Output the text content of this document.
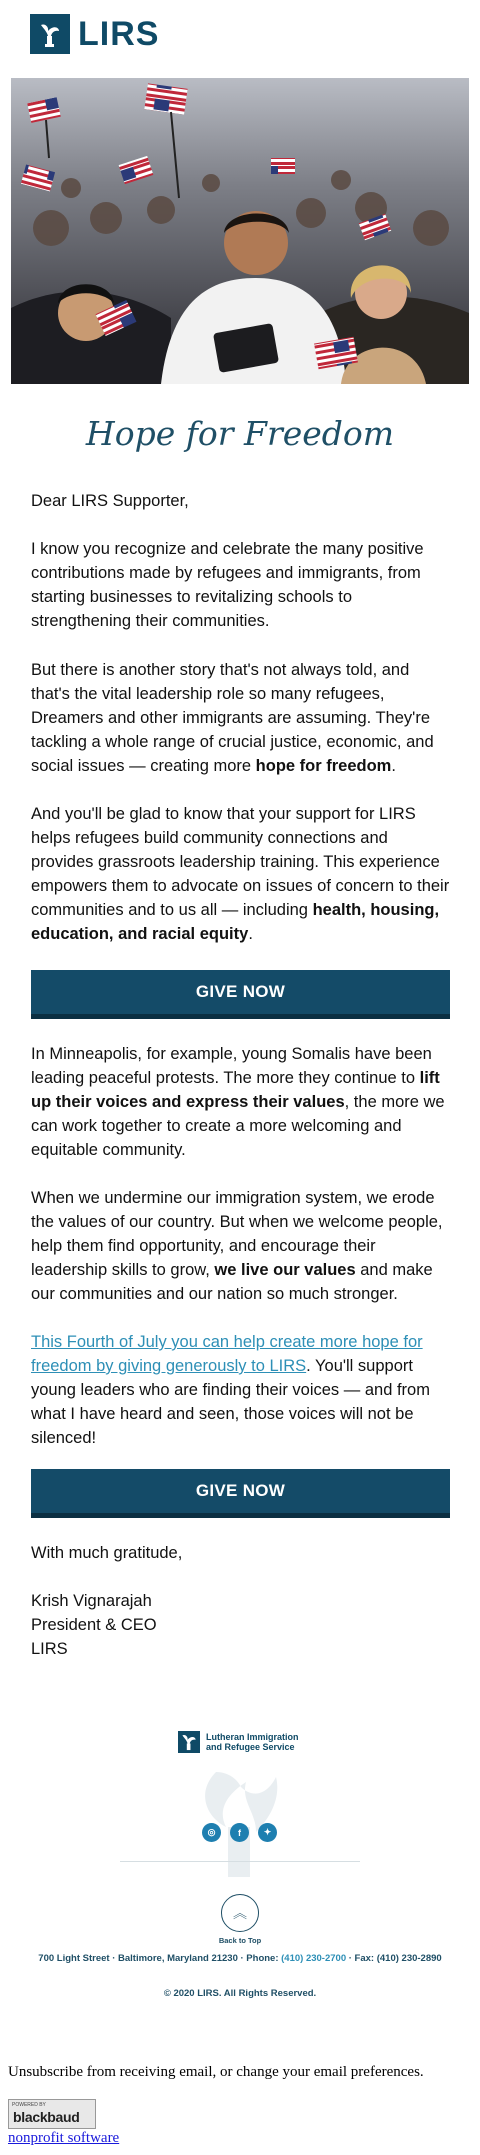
LIRS
Hope for Freedom

Dear LIRS Supporter,

I know you recognize and celebrate the many positive contributions made by refugees and immigrants, from starting businesses to revitalizing schools to strengthening their communities.

But there is another story that's not always told, and that's the vital leadership role so many refugees, Dreamers and other immigrants are assuming. They're tackling a whole range of crucial justice, economic, and social issues — creating more hope for freedom.

And you'll be glad to know that your support for LIRS helps refugees build community connections and provides grassroots leadership training. This experience empowers them to advocate on issues of concern to their communities and to us all — including health, housing, education, and racial equity.

GIVE NOW

In Minneapolis, for example, young Somalis have been leading peaceful protests. The more they continue to lift up their voices and express their values, the more we can work together to create a more welcoming and equitable community.

When we undermine our immigration system, we erode the values of our country. But when we welcome people, help them find opportunity, and encourage their leadership skills to grow, we live our values and make our communities and our nation so much stronger.

This Fourth of July you can help create more hope for freedom by giving generously to LIRS. You'll support young leaders who are finding their voices — and from what I have heard and seen, those voices will not be silenced!

GIVE NOW

With much gratitude,

Krish Vignarajah

President & CEO

LIRS

Lutheran Immigration
and Refugee Service
◎	f	✦
︽
Back to Top
700 Light Street · Baltimore, Maryland 21230 · Phone: (410) 230-2700 · Fax: (410) 230-2890
© 2020 LIRS. All Rights Reserved.
Unsubscribe from receiving email, or change your email preferences.
POWERED BY
blackbaud
nonprofit software
